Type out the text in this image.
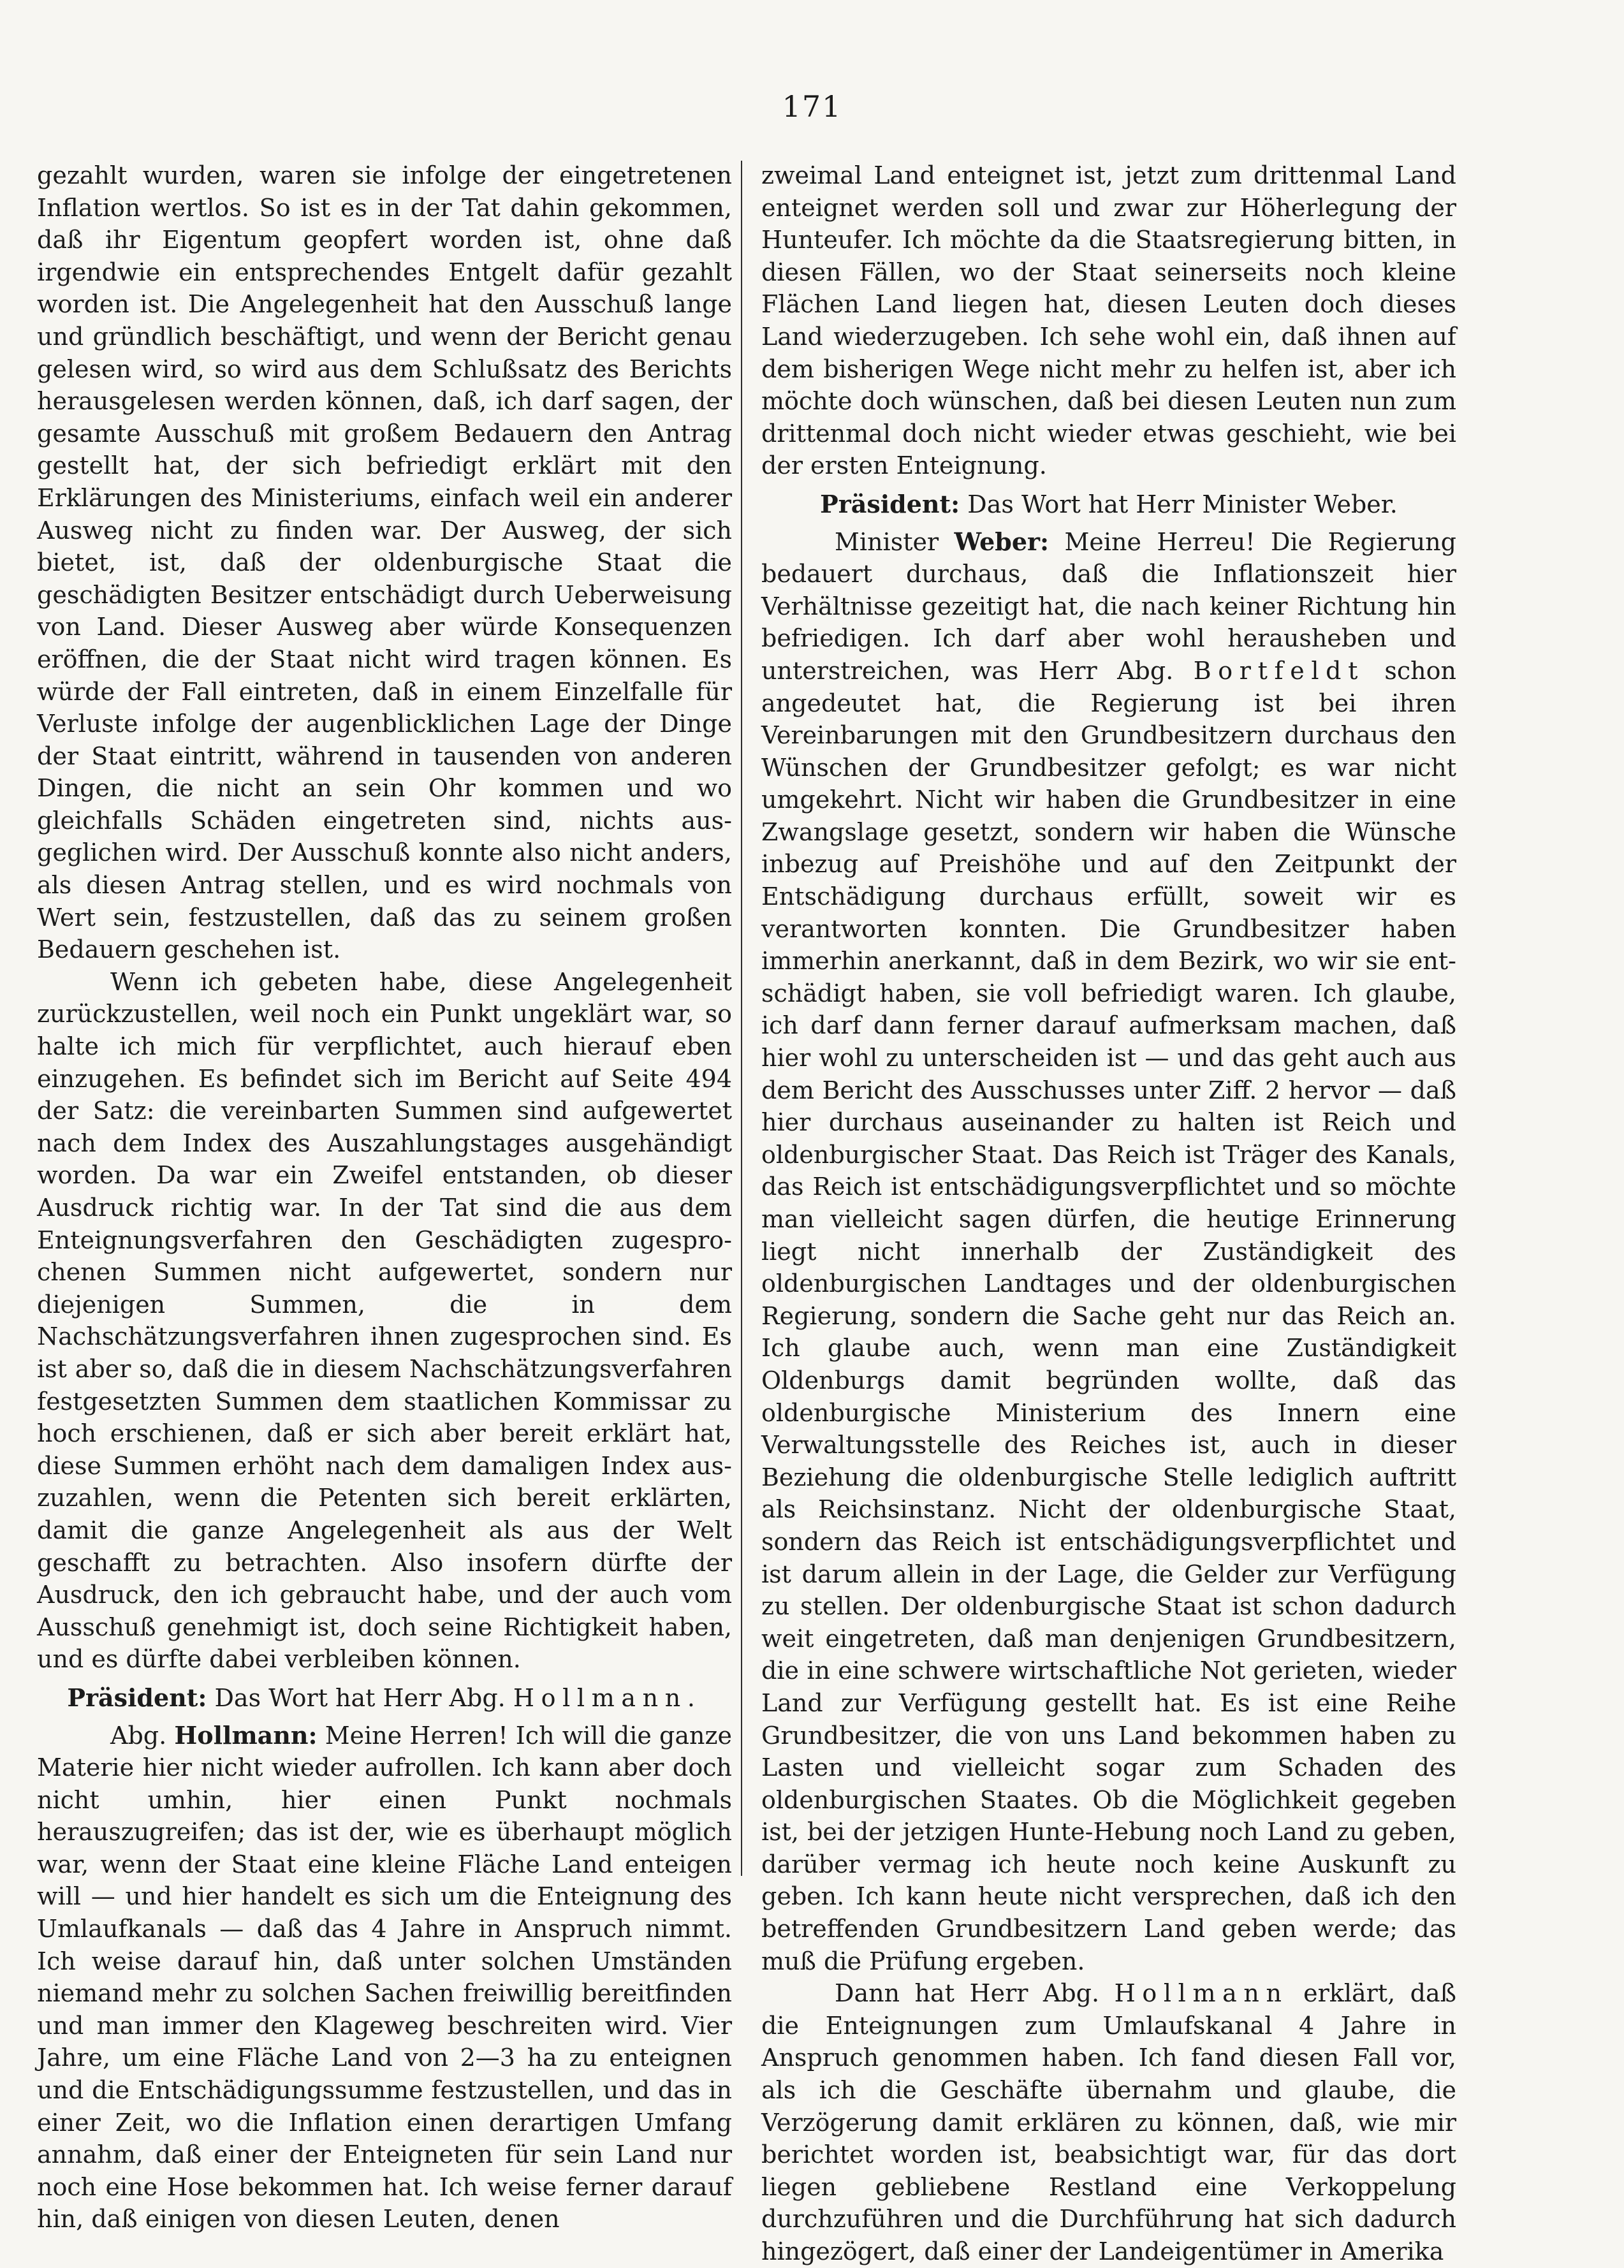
171

gezahlt wurden, waren sie infolge der eingetretenen Inflation wertlos. So ist es in der Tat dahin gekommen, daß ihr Eigentum geopfert worden ist, ohne daß irgendwie ein entsprechendes Entgelt dafür gezahlt worden ist. Die Angelegenheit hat den Ausschuß lange und gründlich beschäftigt, und wenn der Bericht genau gelesen wird, so wird aus dem Schlußsatz des Berichts herausgelesen werden können, daß, ich darf sagen, der gesamte Ausschuß mit großem Bedauern den Antrag gestellt hat, der sich befriedigt erklärt mit den Erklärungen des Ministeriums, einfach weil ein anderer Ausweg nicht zu finden war. Der Ausweg, der sich bietet, ist, daß der oldenburgische Staat die geschädigten Besitzer entschädigt durch Ueberweisung von Land. Dieser Ausweg aber würde Konsequenzen eröffnen, die der Staat nicht wird tragen können. Es würde der Fall eintreten, daß in einem Einzelfalle für Verluste infolge der augenblicklichen Lage der Dinge der Staat eintritt, während in tausenden von anderen Dingen, die nicht an sein Ohr kommen und wo gleichfalls Schäden eingetreten sind, nichts ausgeglichen wird. Der Ausschuß konnte also nicht anders, als diesen Antrag stellen, und es wird nochmals von Wert sein, festzustellen, daß das zu seinem großen Bedauern geschehen ist.

Wenn ich gebeten habe, diese Angelegenheit zurückzustellen, weil noch ein Punkt ungeklärt war, so halte ich mich für verpflichtet, auch hierauf eben einzugehen. Es befindet sich im Bericht auf Seite 494 der Satz: die vereinbarten Summen sind aufgewertet nach dem Index des Auszahlungstages ausgehändigt worden. Da war ein Zweifel entstanden, ob dieser Ausdruck richtig war. In der Tat sind die aus dem Enteignungsverfahren den Geschädigten zugesprochenen Summen nicht aufgewertet, sondern nur diejenigen Summen, die in dem Nachschätzungsverfahren ihnen zugesprochen sind. Es ist aber so, daß die in diesem Nachschätzungsverfahren festgesetzten Summen dem staatlichen Kommissar zu hoch erschienen, daß er sich aber bereit erklärt hat, diese Summen erhöht nach dem damaligen Index auszuzahlen, wenn die Petenten sich bereit erklärten, damit die ganze Angelegenheit als aus der Welt geschafft zu betrachten. Also insofern dürfte der Ausdruck, den ich gebraucht habe, und der auch vom Ausschuß genehmigt ist, doch seine Richtigkeit haben, und es dürfte dabei verbleiben können.

Präsident: Das Wort hat Herr Abg. Hollmann.

Abg. Hollmann: Meine Herren! Ich will die ganze Materie hier nicht wieder aufrollen. Ich kann aber doch nicht umhin, hier einen Punkt nochmals herauszugreifen; das ist der, wie es überhaupt möglich war, wenn der Staat eine kleine Fläche Land enteigen will — und hier handelt es sich um die Enteignung des Umlaufkanals — daß das 4 Jahre in Anspruch nimmt. Ich weise darauf hin, daß unter solchen Umständen niemand mehr zu solchen Sachen freiwillig bereitfinden und man immer den Klageweg beschreiten wird. Vier Jahre, um eine Fläche Land von 2—3 ha zu enteignen und die Entschädigungssumme festzustellen, und das in einer Zeit, wo die Inflation einen derartigen Umfang annahm, daß einer der Enteigneten für sein Land nur noch eine Hose bekommen hat. Ich weise ferner darauf hin, daß einigen von diesen Leuten, denen

zweimal Land enteignet ist, jetzt zum drittenmal Land enteignet werden soll und zwar zur Höherlegung der Hunteufer. Ich möchte da die Staatsregierung bitten, in diesen Fällen, wo der Staat seinerseits noch kleine Flächen Land liegen hat, diesen Leuten doch dieses Land wiederzugeben. Ich sehe wohl ein, daß ihnen auf dem bisherigen Wege nicht mehr zu helfen ist, aber ich möchte doch wünschen, daß bei diesen Leuten nun zum drittenmal doch nicht wieder etwas geschieht, wie bei der ersten Enteignung.

Präsident: Das Wort hat Herr Minister Weber.

Minister Weber: Meine Herreu! Die Regierung bedauert durchaus, daß die Inflationszeit hier Verhältnisse gezeitigt hat, die nach keiner Richtung hin befriedigen. Ich darf aber wohl herausheben und unterstreichen, was Herr Abg. Bortfeldt schon angedeutet hat, die Regierung ist bei ihren Vereinbarungen mit den Grundbesitzern durchaus den Wünschen der Grundbesitzer gefolgt; es war nicht umgekehrt. Nicht wir haben die Grundbesitzer in eine Zwangslage gesetzt, sondern wir haben die Wünsche inbezug auf Preishöhe und auf den Zeitpunkt der Entschädigung durchaus erfüllt, soweit wir es verantworten konnten. Die Grundbesitzer haben immerhin anerkannt, daß in dem Bezirk, wo wir sie entschädigt haben, sie voll befriedigt waren. Ich glaube, ich darf dann ferner darauf aufmerksam machen, daß hier wohl zu unterscheiden ist — und das geht auch aus dem Bericht des Ausschusses unter Ziff. 2 hervor — daß hier durchaus auseinander zu halten ist Reich und oldenburgischer Staat. Das Reich ist Träger des Kanals, das Reich ist entschädigungsverpflichtet und so möchte man vielleicht sagen dürfen, die heutige Erinnerung liegt nicht innerhalb der Zuständigkeit des oldenburgischen Landtages und der oldenburgischen Regierung, sondern die Sache geht nur das Reich an. Ich glaube auch, wenn man eine Zuständigkeit Oldenburgs damit begründen wollte, daß das oldenburgische Ministerium des Innern eine Verwaltungsstelle des Reiches ist, auch in dieser Beziehung die oldenburgische Stelle lediglich auftritt als Reichsinstanz. Nicht der oldenburgische Staat, sondern das Reich ist entschädigungsverpflichtet und ist darum allein in der Lage, die Gelder zur Verfügung zu stellen. Der oldenburgische Staat ist schon dadurch weit eingetreten, daß man denjenigen Grundbesitzern, die in eine schwere wirtschaftliche Not gerieten, wieder Land zur Verfügung gestellt hat. Es ist eine Reihe Grundbesitzer, die von uns Land bekommen haben zu Lasten und vielleicht sogar zum Schaden des oldenburgischen Staates. Ob die Möglichkeit gegeben ist, bei der jetzigen Hunte-Hebung noch Land zu geben, darüber vermag ich heute noch keine Auskunft zu geben. Ich kann heute nicht versprechen, daß ich den betreffenden Grundbesitzern Land geben werde; das muß die Prüfung ergeben.

Dann hat Herr Abg. Hollmann erklärt, daß die Enteignungen zum Umlaufskanal 4 Jahre in Anspruch genommen haben. Ich fand diesen Fall vor, als ich die Geschäfte übernahm und glaube, die Verzögerung damit erklären zu können, daß, wie mir berichtet worden ist, beabsichtigt war, für das dort liegen gebliebene Restland eine Verkoppelung durchzuführen und die Durchführung hat sich dadurch hingezögert, daß einer der Landeigentümer in Amerika
